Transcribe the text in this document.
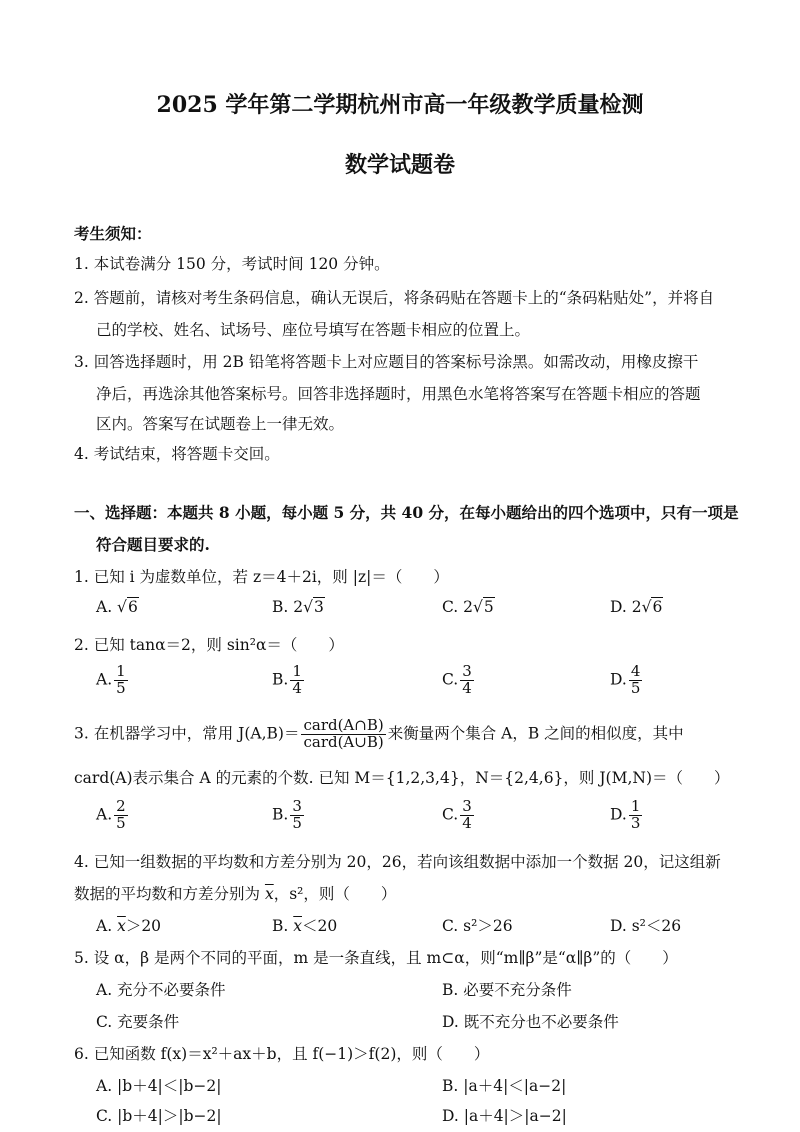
2025 学年第二学期杭州市高一年级教学质量检测
数学试题卷
考生须知：
1. 本试卷满分 150 分，考试时间 120 分钟。
2. 答题前，请核对考生条码信息，确认无误后，将条码贴在答题卡上的“条码粘贴处”，并将自
己的学校、姓名、试场号、座位号填写在答题卡相应的位置上。
3. 回答选择题时，用 2B 铅笔将答题卡上对应题目的答案标号涂黑。如需改动，用橡皮擦干
净后，再选涂其他答案标号。回答非选择题时，用黑色水笔将答案写在答题卡相应的答题
区内。答案写在试题卷上一律无效。
4. 考试结束，将答题卡交回。
一、选择题：本题共 8 小题，每小题 5 分，共 40 分，在每小题给出的四个选项中，只有一项是
符合题目要求的.
1. 已知 i 为虚数单位，若 z＝4＋2i，则 |z|＝（　　）
A. √6	B. 2√3	C. 2√5	D. 2√6
2. 已知 tanα＝2，则 sin²α＝（　　）
A. $\frac{1}{5}$	B. $\frac{1}{4}$	C. $\frac{3}{4}$	D. $\frac{4}{5}$
3. 在机器学习中，常用 $J(A,B)= \frac{\text{card(A∩B)}}{\text{card(A∪B)}}$ 来衡量两个集合 A，B 之间的相似度，其中
card(A)表示集合 A 的元素的个数. 已知 M＝{1,2,3,4}，N＝{2,4,6}，则 J(M,N)＝（　　）
A. $\frac{2}{5}$	B. $\frac{3}{5}$	C. $\frac{3}{4}$	D. $\frac{1}{3}$
4. 已知一组数据的平均数和方差分别为 20，26，若向该组数据中添加一个数据 20，记这组新
数据的平均数和方差分别为 $\overline{x}$，s²，则（　　）
A. $\overline{x}>20$	B. $\overline{x}<20$	C. s²＞26	D. s²＜26
5. 设 α，β 是两个不同的平面，m 是一条直线，且 m⊂α，则“m∥β”是“α∥β”的（　　）
A. 充分不必要条件	B. 必要不充分条件
C. 充要条件	D. 既不充分也不必要条件
6. 已知函数 f(x)＝x²＋ax＋b，且 f(−1)＞f(2)，则（　　）
A. |b＋4|＜|b−2|	B. |a＋4|＜|a−2|
C. |b＋4|＞|b−2|	D. |a＋4|＞|a−2|
